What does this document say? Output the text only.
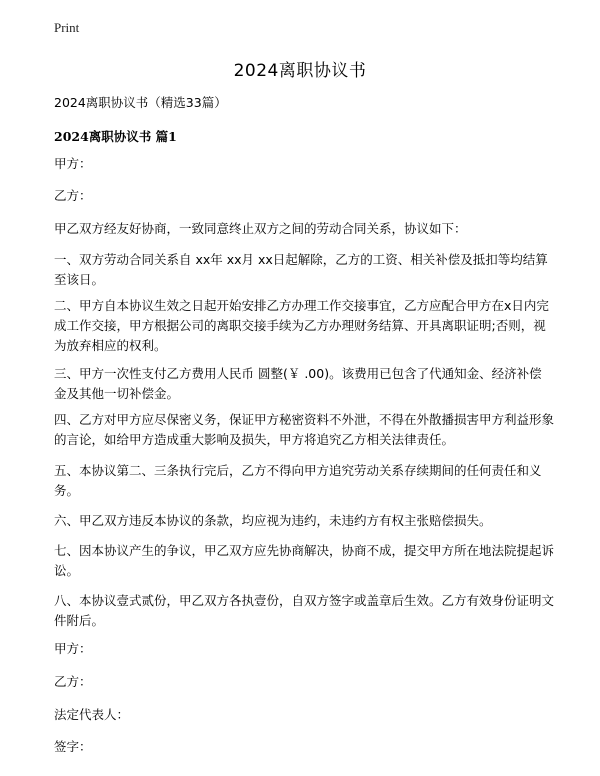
Print
2024离职协议书
2024离职协议书（精选33篇）
2024离职协议书 篇1
甲方：
乙方：
甲乙双方经友好协商，一致同意终止双方之间的劳动合同关系，协议如下：
一、双方劳动合同关系自 xx年 xx月 xx日起解除，乙方的工资、相关补偿及抵扣等均结算至该日。
二、甲方自本协议生效之日起开始安排乙方办理工作交接事宜，乙方应配合甲方在x日内完成工作交接，甲方根据公司的离职交接手续为乙方办理财务结算、开具离职证明;否则，视为放弃相应的权利。
三、甲方一次性支付乙方费用人民币 圆整(￥ .00)。该费用已包含了代通知金、经济补偿金及其他一切补偿金。
四、乙方对甲方应尽保密义务，保证甲方秘密资料不外泄，不得在外散播损害甲方利益形象的言论，如给甲方造成重大影响及损失，甲方将追究乙方相关法律责任。
五、本协议第二、三条执行完后，乙方不得向甲方追究劳动关系存续期间的任何责任和义务。
六、甲乙双方违反本协议的条款，均应视为违约，未违约方有权主张赔偿损失。
七、因本协议产生的争议，甲乙双方应先协商解决，协商不成，提交甲方所在地法院提起诉讼。
八、本协议壹式贰份，甲乙双方各执壹份，自双方签字或盖章后生效。乙方有效身份证明文件附后。
甲方：
乙方：
法定代表人：
签字：
